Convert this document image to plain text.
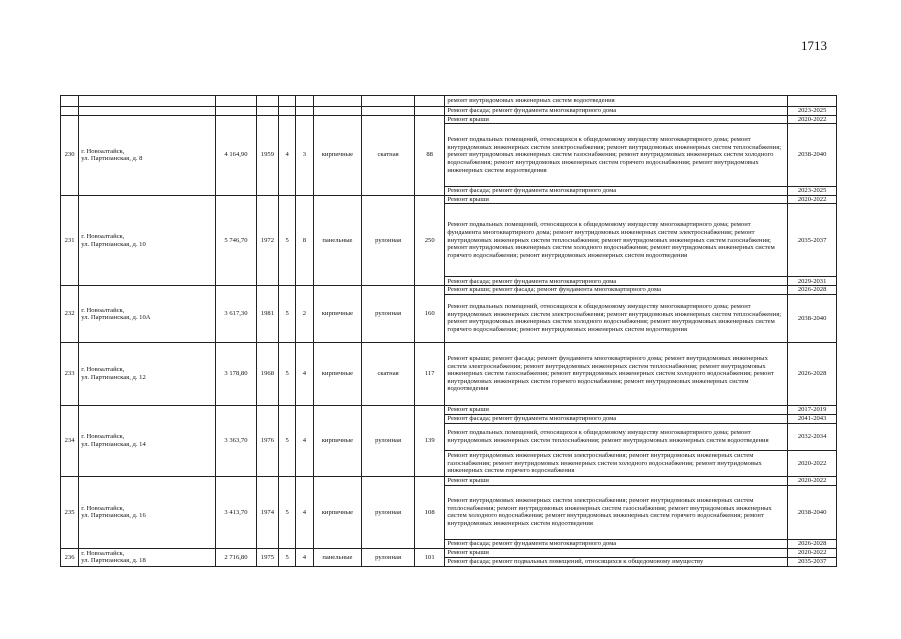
1713
									ремонт внутридомовых инженерных систем водоотведения	
									Ремонт фасада; ремонт фундамента многоквартирного дома	2023-2025
230	г. Новоалтайск,
ул. Партизанская, д. 8	4 164,90	1959	4	3	кирпичные	скатная	88	Ремонт крыши	2020-2022
									Ремонт подвальных помещений, относящихся к общедомовому имуществу многоквартирного дома; ремонт внутридомовых инженерных систем электроснабжения; ремонт внутридомовых инженерных систем теплоснабжения; ремонт внутридомовых инженерных систем газоснабжения; ремонт внутридомовых инженерных систем холодного водоснабжения; ремонт внутридомовых инженерных систем горячего водоснабжения; ремонт внутридомовых инженерных систем водоотведения	2038-2040
									Ремонт фасада; ремонт фундамента многоквартирного дома	2023-2025
231	г. Новоалтайск,
ул. Партизанская, д. 10	5 746,70	1972	5	8	панельные	рулонная	250	Ремонт крыши	2020-2022
									Ремонт подвальных помещений, относящихся к общедомовому имуществу многоквартирного дома; ремонт фундамента многоквартирного дома; ремонт внутридомовых инженерных систем электроснабжения; ремонт внутридомовых инженерных систем теплоснабжения; ремонт внутридомовых инженерных систем газоснабжения; ремонт внутридомовых инженерных систем холодного водоснабжения; ремонт внутридомовых инженерных систем горячего водоснабжения; ремонт внутридомовых инженерных систем водоотведения	2035-2037
									Ремонт фасада; ремонт фундамента многоквартирного дома	2029-2031
232	г. Новоалтайск,
ул. Партизанская, д. 10А	3 617,30	1981	5	2	кирпичные	рулонная	160	Ремонт крыши; ремонт фасада; ремонт фундамента многоквартирного дома	2026-2028
									Ремонт подвальных помещений, относящихся к общедомовому имуществу многоквартирного дома; ремонт внутридомовых инженерных систем электроснабжения; ремонт внутридомовых инженерных систем теплоснабжения; ремонт внутридомовых инженерных систем холодного водоснабжения; ремонт внутридомовых инженерных систем горячего водоснабжения; ремонт внутридомовых инженерных систем водоотведения	2038-2040
233	г. Новоалтайск,
ул. Партизанская, д. 12	3 178,80	1968	5	4	кирпичные	скатная	117	Ремонт крыши; ремонт фасада; ремонт фундамента многоквартирного дома; ремонт внутридомовых инженерных систем электроснабжения; ремонт внутридомовых инженерных систем теплоснабжения; ремонт внутридомовых инженерных систем газоснабжения; ремонт внутридомовых инженерных систем холодного водоснабжения; ремонт внутридомовых инженерных систем горячего водоснабжения; ремонт внутридомовых инженерных систем водоотведения	2026-2028
234	г. Новоалтайск,
ул. Партизанская, д. 14	3 363,70	1976	5	4	кирпичные	рулонная	139	Ремонт крыши	2017-2019
									Ремонт фасада; ремонт фундамента многоквартирного дома	2041-2043
									Ремонт подвальных помещений, относящихся к общедомовому имуществу многоквартирного дома; ремонт внутридомовых инженерных систем теплоснабжения; ремонт внутридомовых инженерных систем водоотведения	2032-2034
									Ремонт внутридомовых инженерных систем электроснабжения; ремонт внутридомовых инженерных систем газоснабжения; ремонт внутридомовых инженерных систем холодного водоснабжения; ремонт внутридомовых инженерных систем горячего водоснабжения	2020-2022
235	г. Новоалтайск,
ул. Партизанская, д. 16	3 413,70	1974	5	4	кирпичные	рулонная	108	Ремонт крыши	2020-2022
									Ремонт внутридомовых инженерных систем электроснабжения; ремонт внутридомовых инженерных систем теплоснабжения; ремонт внутридомовых инженерных систем газоснабжения; ремонт внутридомовых инженерных систем холодного водоснабжения; ремонт внутридомовых инженерных систем горячего водоснабжения; ремонт внутридомовых инженерных систем водоотведения	2038-2040
									Ремонт фасада; ремонт фундамента многоквартирного дома	2026-2028
236	г. Новоалтайск,
ул. Партизанская, д. 18	2 716,80	1975	5	4	панельные	рулонная	101	Ремонт крыши	2020-2022
									Ремонт фасада; ремонт подвальных помещений, относящихся к общедомовому имуществу	2035-2037
